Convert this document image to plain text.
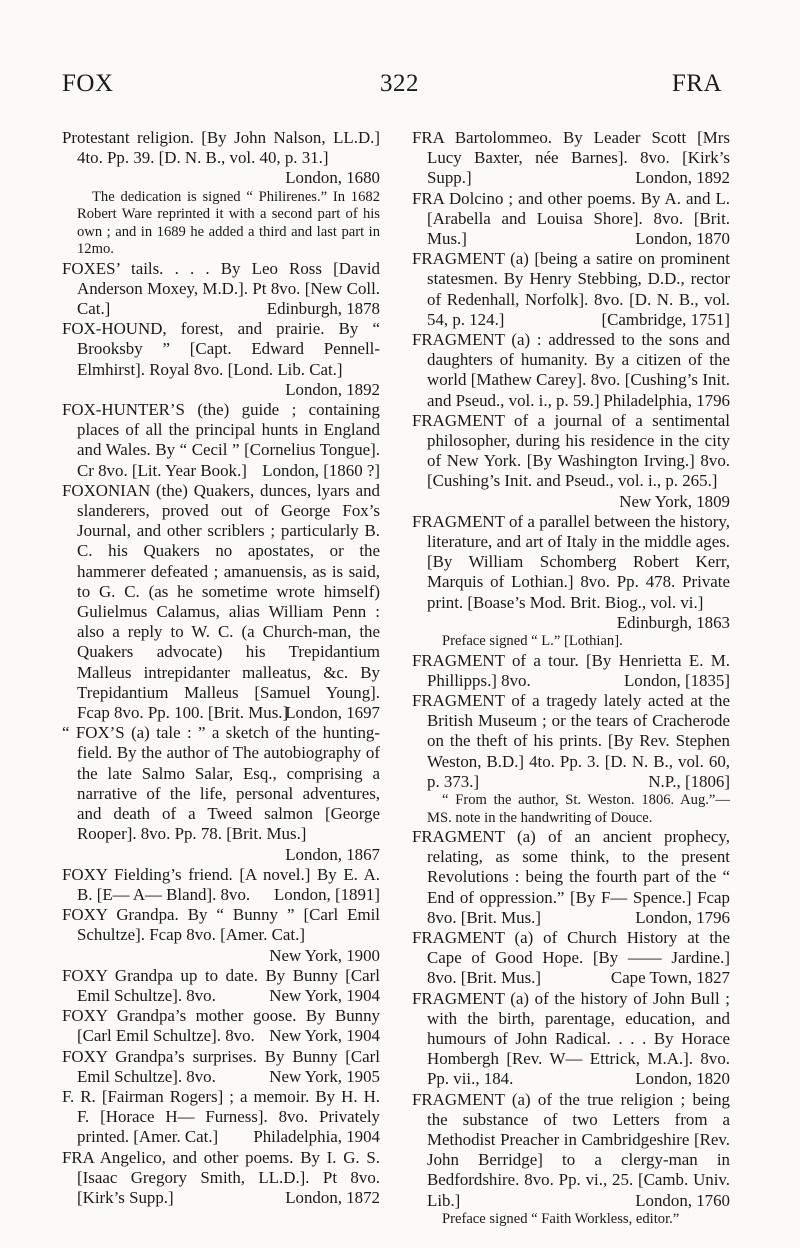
FOX	322	FRA

Protestant religion. [By John Nalson, LL.D.] 4to. Pp. 39. [D. N. B., vol. 40, p. 31.]
London, 1680

The dedication is signed “ Philirenes.” In 1682 Robert Ware reprinted it with a second part of his own ; and in 1689 he added a third and last part in 12mo.

FOXES’ tails. . . . By Leo Ross [David Anderson Moxey, M.D.]. Pt 8vo. [New Coll. Cat.]	Edinburgh, 1878

FOX-HOUND, forest, and prairie. By “ Brooksby ” [Capt. Edward Pennell-Elmhirst]. Royal 8vo. [Lond. Lib. Cat.]
London, 1892

FOX-HUNTER’S (the) guide ; containing places of all the principal hunts in England and Wales. By “ Cecil ” [Cornelius Tongue]. Cr 8vo. [Lit. Year Book.] London, [1860 ?]

FOXONIAN (the) Quakers, dunces, lyars and slanderers, proved out of George Fox’s Journal, and other scriblers ; particularly B. C. his Quakers no apostates, or the hammerer defeated ; amanuensis, as is said, to G. C. (as he sometime wrote himself) Gulielmus Calamus, alias William Penn : also a reply to W. C. (a Church-man, the Quakers advocate) his Trepidantium Malleus intrepidanter malleatus, &c. By Trepidantium Malleus [Samuel Young]. Fcap 8vo. Pp. 100. [Brit. Mus.]
London, 1697

“ FOX’S (a) tale : ” a sketch of the hunting-field. By the author of The autobiography of the late Salmo Salar, Esq., comprising a narrative of the life, personal adventures, and death of a Tweed salmon [George Rooper]. 8vo. Pp. 78. [Brit. Mus.]
London, 1867

FOXY Fielding’s friend. [A novel.] By E. A. B. [E— A— Bland]. 8vo. London, [1891]

FOXY Grandpa. By “ Bunny ” [Carl Emil Schultze]. Fcap 8vo. [Amer. Cat.]
New York, 1900

FOXY Grandpa up to date. By Bunny [Carl Emil Schultze]. 8vo.	New York, 1904

FOXY Grandpa’s mother goose. By Bunny [Carl Emil Schultze]. 8vo. New York, 1904

FOXY Grandpa’s surprises. By Bunny [Carl Emil Schultze]. 8vo.	New York, 1905

F. R. [Fairman Rogers] ; a memoir. By H. H. F. [Horace H— Furness]. 8vo. Privately printed. [Amer. Cat.] Philadelphia, 1904

FRA Angelico, and other poems. By I. G. S. [Isaac Gregory Smith, LL.D.]. Pt 8vo. [Kirk’s Supp.]	London, 1872

FRA Bartolommeo. By Leader Scott [Mrs Lucy Baxter, née Barnes]. 8vo. [Kirk’s Supp.]	London, 1892

FRA Dolcino ; and other poems. By A. and L. [Arabella and Louisa Shore]. 8vo. [Brit. Mus.]	London, 1870

FRAGMENT (a) [being a satire on prominent statesmen. By Henry Stebbing, D.D., rector of Redenhall, Norfolk]. 8vo. [D. N. B., vol. 54, p. 124.]	[Cambridge, 1751]

FRAGMENT (a) : addressed to the sons and daughters of humanity. By a citizen of the world [Mathew Carey]. 8vo. [Cushing’s Init. and Pseud., vol. i., p. 59.] Philadelphia, 1796

FRAGMENT of a journal of a sentimental philosopher, during his residence in the city of New York. [By Washington Irving.] 8vo. [Cushing’s Init. and Pseud., vol. i., p. 265.]
New York, 1809

FRAGMENT of a parallel between the history, literature, and art of Italy in the middle ages. [By William Schomberg Robert Kerr, Marquis of Lothian.] 8vo. Pp. 478. Private print. [Boase’s Mod. Brit. Biog., vol. vi.]
Edinburgh, 1863

Preface signed “ L.” [Lothian].

FRAGMENT of a tour. [By Henrietta E. M. Phillipps.] 8vo.	London, [1835]

FRAGMENT of a tragedy lately acted at the British Museum ; or the tears of Cracherode on the theft of his prints. [By Rev. Stephen Weston, B.D.] 4to. Pp. 3. [D. N. B., vol. 60, p. 373.]	N.P., [1806]

“ From the author, St. Weston. 1806. Aug.”—MS. note in the handwriting of Douce.

FRAGMENT (a) of an ancient prophecy, relating, as some think, to the present Revolutions : being the fourth part of the “ End of oppression.” [By F— Spence.] Fcap 8vo. [Brit. Mus.]	London, 1796

FRAGMENT (a) of Church History at the Cape of Good Hope. [By —— Jardine.] 8vo. [Brit. Mus.]	Cape Town, 1827

FRAGMENT (a) of the history of John Bull ; with the birth, parentage, education, and humours of John Radical. . . . By Horace Hombergh [Rev. W— Ettrick, M.A.]. 8vo. Pp. vii., 184.	London, 1820

FRAGMENT (a) of the true religion ; being the substance of two Letters from a Methodist Preacher in Cambridgeshire [Rev. John Berridge] to a clergy-man in Bedfordshire. 8vo. Pp. vi., 25. [Camb. Univ. Lib.]	London, 1760

Preface signed “ Faith Workless, editor.”
